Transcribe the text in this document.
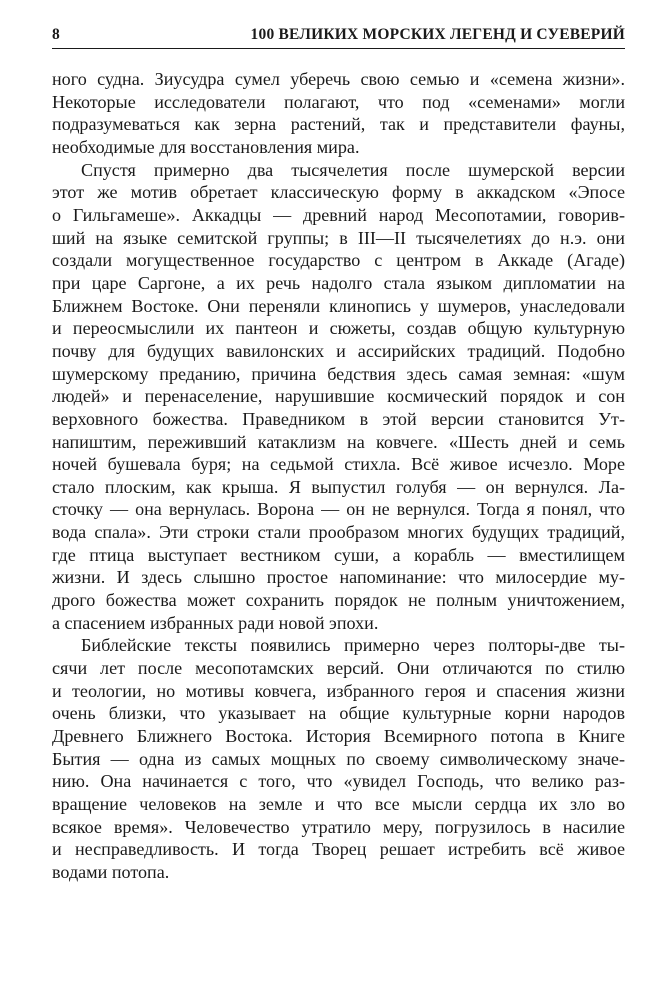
8	100 ВЕЛИКИХ МОРСКИХ ЛЕГЕНД И СУЕВЕРИЙ
ного судна. Зиусудра сумел уберечь свою семью и «семена жизни».
Некоторые исследователи полагают, что под «семенами» могли
подразумеваться как зерна растений, так и представители фауны,
необходимые для восстановления мира.
Спустя примерно два тысячелетия после шумерской версии
этот же мотив обретает классическую форму в аккадском «Эпосе
о Гильгамеше». Аккадцы — древний народ Месопотамии, говорив-
ший на языке семитской группы; в III—II тысячелетиях до н.э. они
создали могущественное государство с центром в Аккаде (Агаде)
при царе Саргоне, а их речь надолго стала языком дипломатии на
Ближнем Востоке. Они переняли клинопись у шумеров, унаследовали
и переосмыслили их пантеон и сюжеты, создав общую культурную
почву для будущих вавилонских и ассирийских традиций. Подобно
шумерскому преданию, причина бедствия здесь самая земная: «шум
людей» и перенаселение, нарушившие космический порядок и сон
верховного божества. Праведником в этой версии становится Ут-
напиштим, переживший катаклизм на ковчеге. «Шесть дней и семь
ночей бушевала буря; на седьмой стихла. Всё живое исчезло. Море
стало плоским, как крыша. Я выпустил голубя — он вернулся. Ла-
сточку — она вернулась. Ворона — он не вернулся. Тогда я понял, что
вода спала». Эти строки стали прообразом многих будущих традиций,
где птица выступает вестником суши, а корабль — вместилищем
жизни. И здесь слышно простое напоминание: что милосердие му-
дрого божества может сохранить порядок не полным уничтожением,
а спасением избранных ради новой эпохи.
Библейские тексты появились примерно через полторы-две ты-
сячи лет после месопотамских версий. Они отличаются по стилю
и теологии, но мотивы ковчега, избранного героя и спасения жизни
очень близки, что указывает на общие культурные корни народов
Древнего Ближнего Востока. История Всемирного потопа в Книге
Бытия — одна из самых мощных по своему символическому значе-
нию. Она начинается с того, что «увидел Господь, что велико раз-
вращение человеков на земле и что все мысли сердца их зло во
всякое время». Человечество утратило меру, погрузилось в насилие
и несправедливость. И тогда Творец решает истребить всё живое
водами потопа.
